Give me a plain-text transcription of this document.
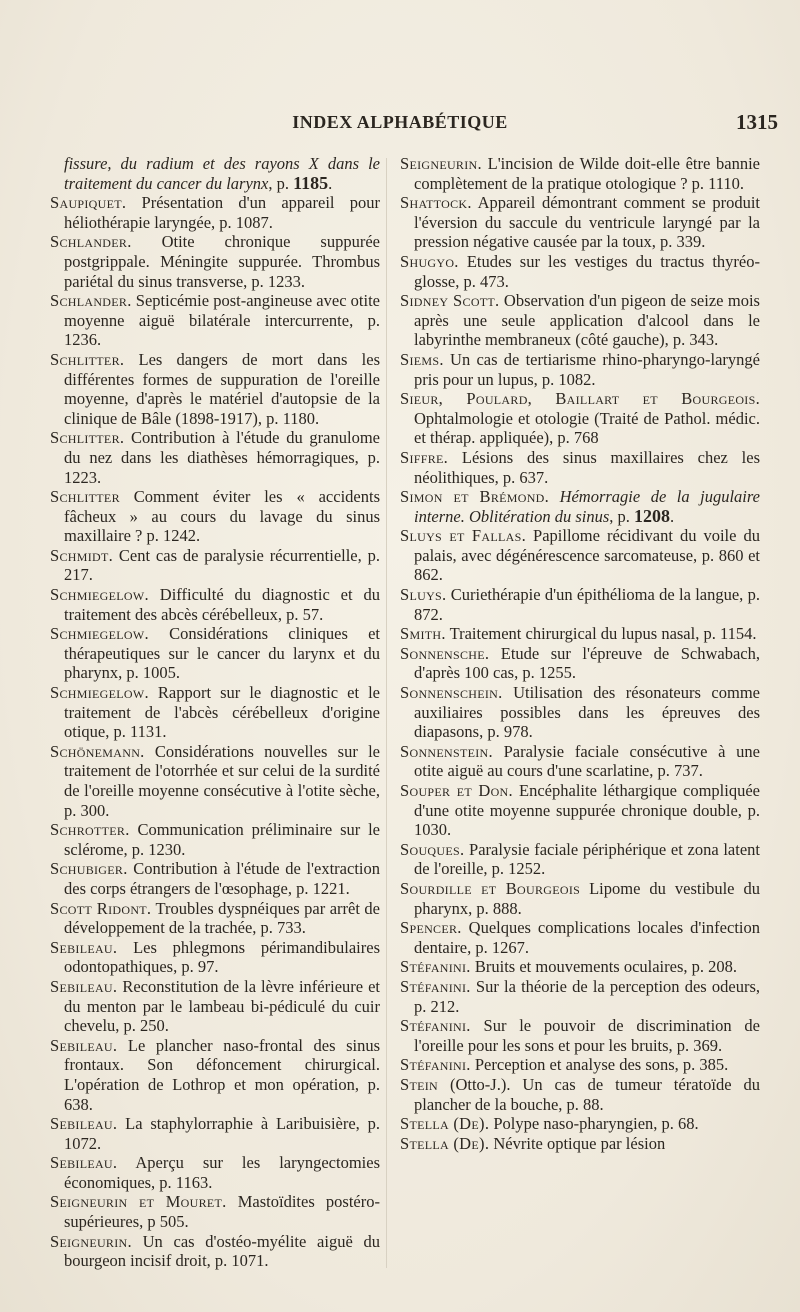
INDEX ALPHABÉTIQUE	1315
fissure, du radium et des rayons X dans le traitement du cancer du larynx, p. 1185.
Saupiquet. Présentation d'un appareil pour héliothérapie laryngée, p. 1087.
Schlander. Otite chronique suppurée postgrippale. Méningite suppurée. Thrombus pariétal du sinus transverse, p. 1233.
Schlander. Septicémie post-angineuse avec otite moyenne aiguë bilatérale intercurrente, p. 1236.
Schlitter. Les dangers de mort dans les différentes formes de suppuration de l'oreille moyenne, d'après le matériel d'autopsie de la clinique de Bâle (1898-1917), p. 1180.
Schlitter. Contribution à l'étude du granulome du nez dans les diathèses hémorragiques, p. 1223.
Schlitter Comment éviter les « accidents fâcheux » au cours du lavage du sinus maxillaire ? p. 1242.
Schmidt. Cent cas de paralysie récurrentielle, p. 217.
Schmiegelow. Difficulté du diagnostic et du traitement des abcès cérébelleux, p. 57.
Schmiegelow. Considérations cliniques et thérapeutiques sur le cancer du larynx et du pharynx, p. 1005.
Schmiegelow. Rapport sur le diagnostic et le traitement de l'abcès cérébelleux d'origine otique, p. 1131.
Schönemann. Considérations nouvelles sur le traitement de l'otorrhée et sur celui de la surdité de l'oreille moyenne consécutive à l'otite sèche, p. 300.
Schrotter. Communication préliminaire sur le sclérome, p. 1230.
Schubiger. Contribution à l'étude de l'extraction des corps étrangers de l'œsophage, p. 1221.
Scott Ridont. Troubles dyspnéiques par arrêt de développement de la trachée, p. 733.
Sebileau. Les phlegmons périmandibulaires odontopathiques, p. 97.
Sebileau. Reconstitution de la lèvre inférieure et du menton par le lambeau bi-pédiculé du cuir chevelu, p. 250.
Sebileau. Le plancher naso-frontal des sinus frontaux. Son défoncement chirurgical. L'opération de Lothrop et mon opération, p. 638.
Sebileau. La staphylorraphie à Laribuisière, p. 1072.
Sebileau. Aperçu sur les laryngectomies économiques, p. 1163.
Seigneurin et Mouret. Mastoïdites postéro-supérieures, p 505.
Seigneurin. Un cas d'ostéo-myélite aiguë du bourgeon incisif droit, p. 1071.
Seigneurin. L'incision de Wilde doit-elle être bannie complètement de la pratique otologique ? p. 1110.
Shattock. Appareil démontrant comment se produit l'éversion du saccule du ventricule laryngé par la pression négative causée par la toux, p. 339.
Shugyo. Etudes sur les vestiges du tractus thyréo-glosse, p. 473.
Sidney Scott. Observation d'un pigeon de seize mois après une seule application d'alcool dans le labyrinthe membraneux (côté gauche), p. 343.
Siems. Un cas de tertiarisme rhino-pharyngo-laryngé pris pour un lupus, p. 1082.
Sieur, Poulard, Baillart et Bourgeois. Ophtalmologie et otologie (Traité de Pathol. médic. et thérap. appliquée), p. 768
Siffre. Lésions des sinus maxillaires chez les néolithiques, p. 637.
Simon et Brémond. Hémorragie de la jugulaire interne. Oblitération du sinus, p. 1208.
Sluys et Fallas. Papillome récidivant du voile du palais, avec dégénérescence sarcomateuse, p. 860 et 862.
Sluys. Curiethérapie d'un épithélioma de la langue, p. 872.
Smith. Traitement chirurgical du lupus nasal, p. 1154.
Sonnensche. Etude sur l'épreuve de Schwabach, d'après 100 cas, p. 1255.
Sonnenschein. Utilisation des résonateurs comme auxiliaires possibles dans les épreuves des diapasons, p. 978.
Sonnenstein. Paralysie faciale consécutive à une otite aiguë au cours d'une scarlatine, p. 737.
Souper et Don. Encéphalite léthargique compliquée d'une otite moyenne suppurée chronique double, p. 1030.
Souques. Paralysie faciale périphérique et zona latent de l'oreille, p. 1252.
Sourdille et Bourgeois Lipome du vestibule du pharynx, p. 888.
Spencer. Quelques complications locales d'infection dentaire, p. 1267.
Stéfanini. Bruits et mouvements oculaires, p. 208.
Stéfanini. Sur la théorie de la perception des odeurs, p. 212.
Stéfanini. Sur le pouvoir de discrimination de l'oreille pour les sons et pour les bruits, p. 369.
Stéfanini. Perception et analyse des sons, p. 385.
Stein (Otto-J.). Un cas de tumeur tératoïde du plancher de la bouche, p. 88.
Stella (De). Polype naso-pharyngien, p. 68.
Stella (De). Névrite optique par lésion
